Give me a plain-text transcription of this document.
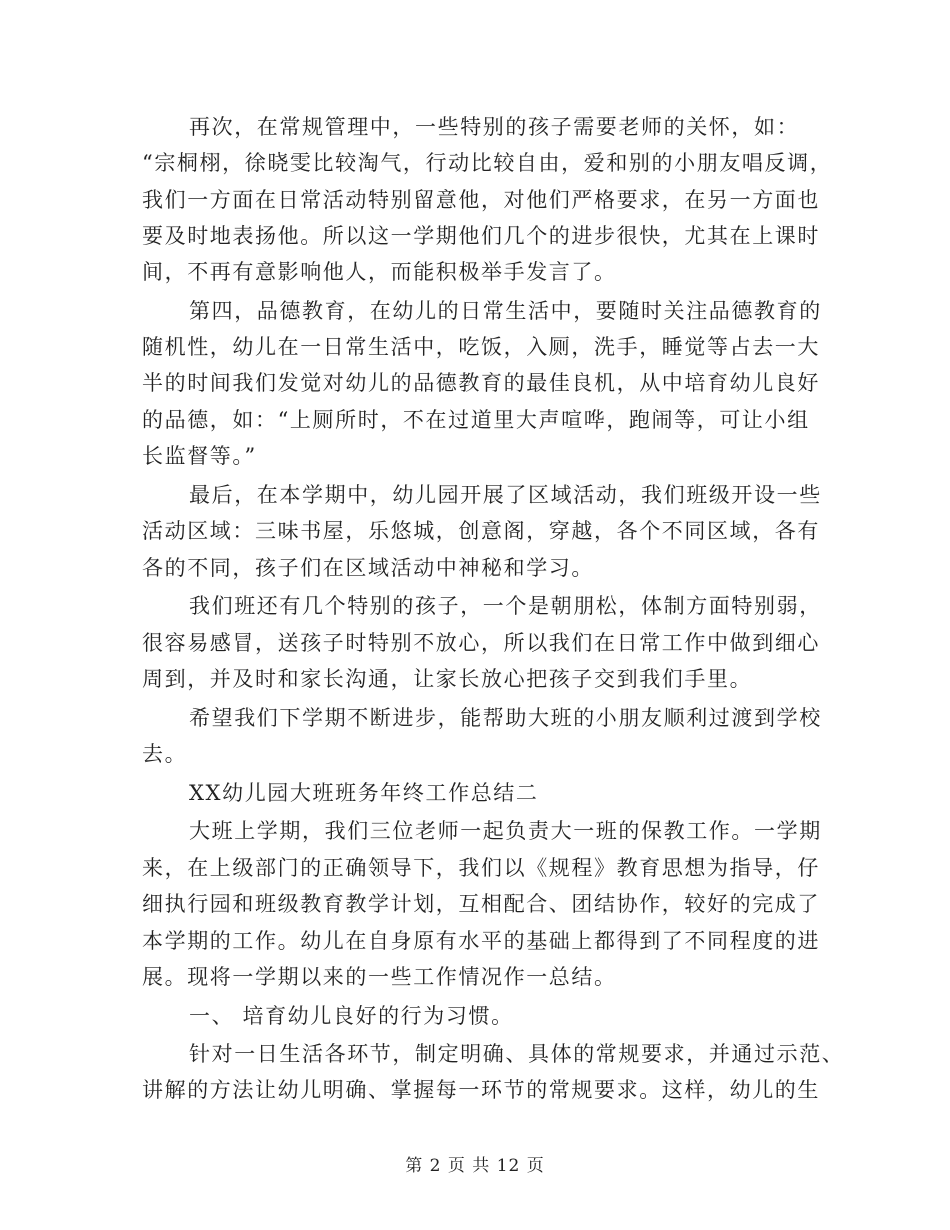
再次，在常规管理中，一些特别的孩子需要老师的关怀，如：
“宗桐栩，徐晓雯比较淘气，行动比较自由，爱和别的小朋友唱反调，
我们一方面在日常活动特别留意他，对他们严格要求，在另一方面也
要及时地表扬他。所以这一学期他们几个的进步很快，尤其在上课时
间，不再有意影响他人，而能积极举手发言了。
第四，品德教育，在幼儿的日常生活中，要随时关注品德教育的
随机性，幼儿在一日常生活中，吃饭，入厕，洗手，睡觉等占去一大
半的时间我们发觉对幼儿的品德教育的最佳良机，从中培育幼儿良好
的品德，如：“上厕所时，不在过道里大声喧哗，跑闹等，可让小组
长监督等。”
最后，在本学期中，幼儿园开展了区域活动，我们班级开设一些
活动区域：三味书屋，乐悠城，创意阁，穿越，各个不同区域，各有
各的不同，孩子们在区域活动中神秘和学习。
我们班还有几个特别的孩子，一个是朝朋松，体制方面特别弱，
很容易感冒，送孩子时特别不放心，所以我们在日常工作中做到细心
周到，并及时和家长沟通，让家长放心把孩子交到我们手里。
希望我们下学期不断进步，能帮助大班的小朋友顺利过渡到学校
去。
XX幼儿园大班班务年终工作总结二
大班上学期，我们三位老师一起负责大一班的保教工作。一学期
来，在上级部门的正确领导下，我们以《规程》教育思想为指导，仔
细执行园和班级教育教学计划，互相配合、团结协作，较好的完成了
本学期的工作。幼儿在自身原有水平的基础上都得到了不同程度的进
展。现将一学期以来的一些工作情况作一总结。
一、 培育幼儿良好的行为习惯。
针对一日生活各环节，制定明确、具体的常规要求，并通过示范、
讲解的方法让幼儿明确、掌握每一环节的常规要求。这样，幼儿的生
第 2 页 共 12 页
